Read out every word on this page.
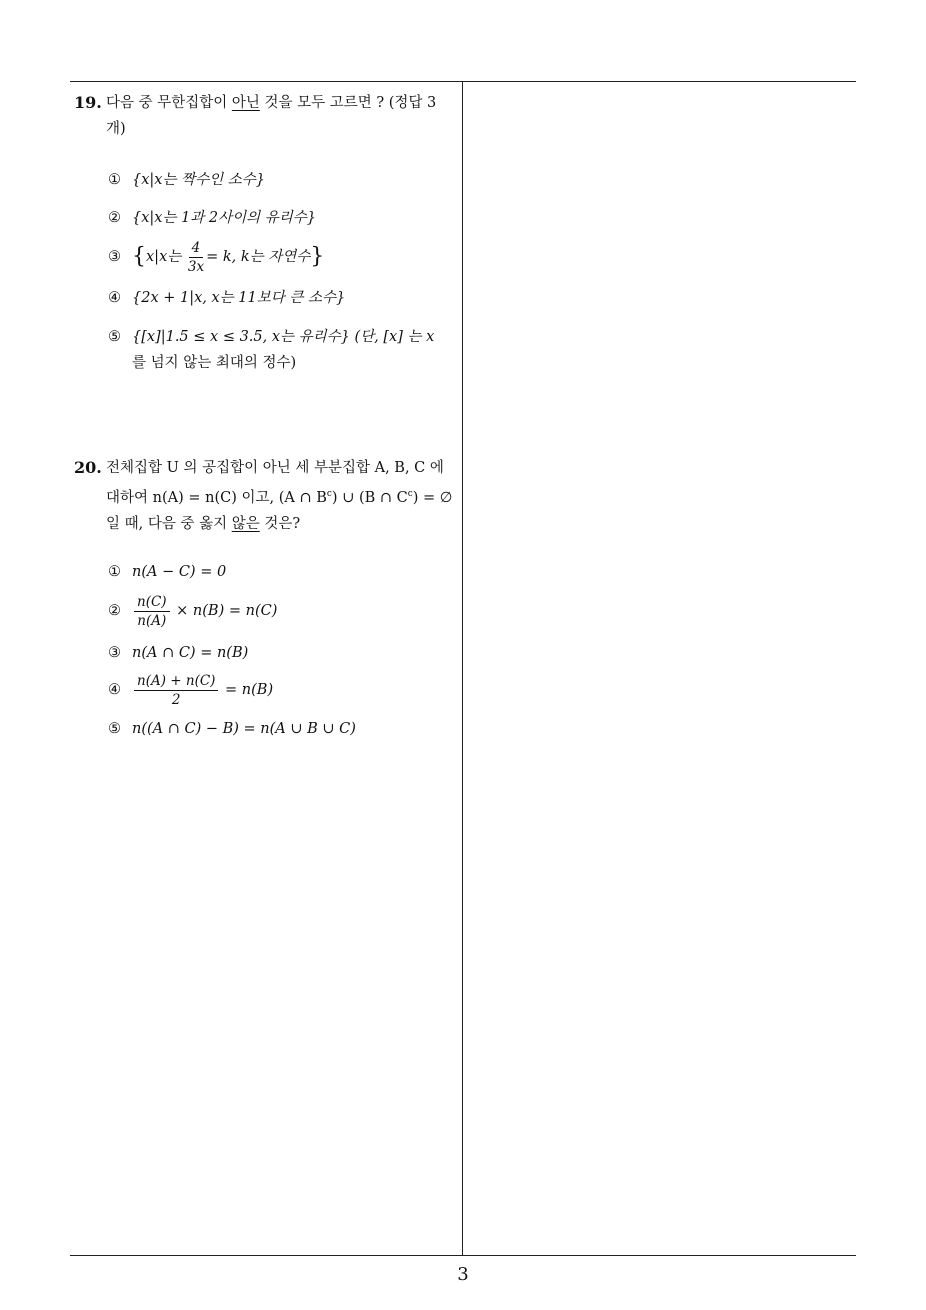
19. 다음 중 무한집합이 아닌 것을 모두 고르면 ? (정답 3 개)
① {x|x는 짝수인 소수}
② {x|x는 1과 2사이의 유리수}
③ {x|x는 $\frac{4}{3x} = k$, k는 자연수}
④ {2x + 1|x, x는 11보다 큰 소수}
⑤ {[x]|1.5 ≤ x ≤ 3.5, x는 유리수} (단, [x] 는 x
를 넘지 않는 최대의 정수)
20. 전체집합 U 의 공집합이 아닌 세 부분집합 A, B, C 에
대하여 n(A) = n(C) 이고, (A ∩ $B^c$) ∪ (B ∩ $C^c$) = ∅
일 때, 다음 중 옳지 않은 것은?
① n(A − C) = 0
② $\frac{n(C)}{n(A)} \times n(B) = n(C)$
③ n(A ∩ C) = n(B)
④ $\frac{n(A) + n(C)}{2} = n(B)$
⑤ n((A ∩ C) − B) = n(A ∪ B ∪ C)
3
